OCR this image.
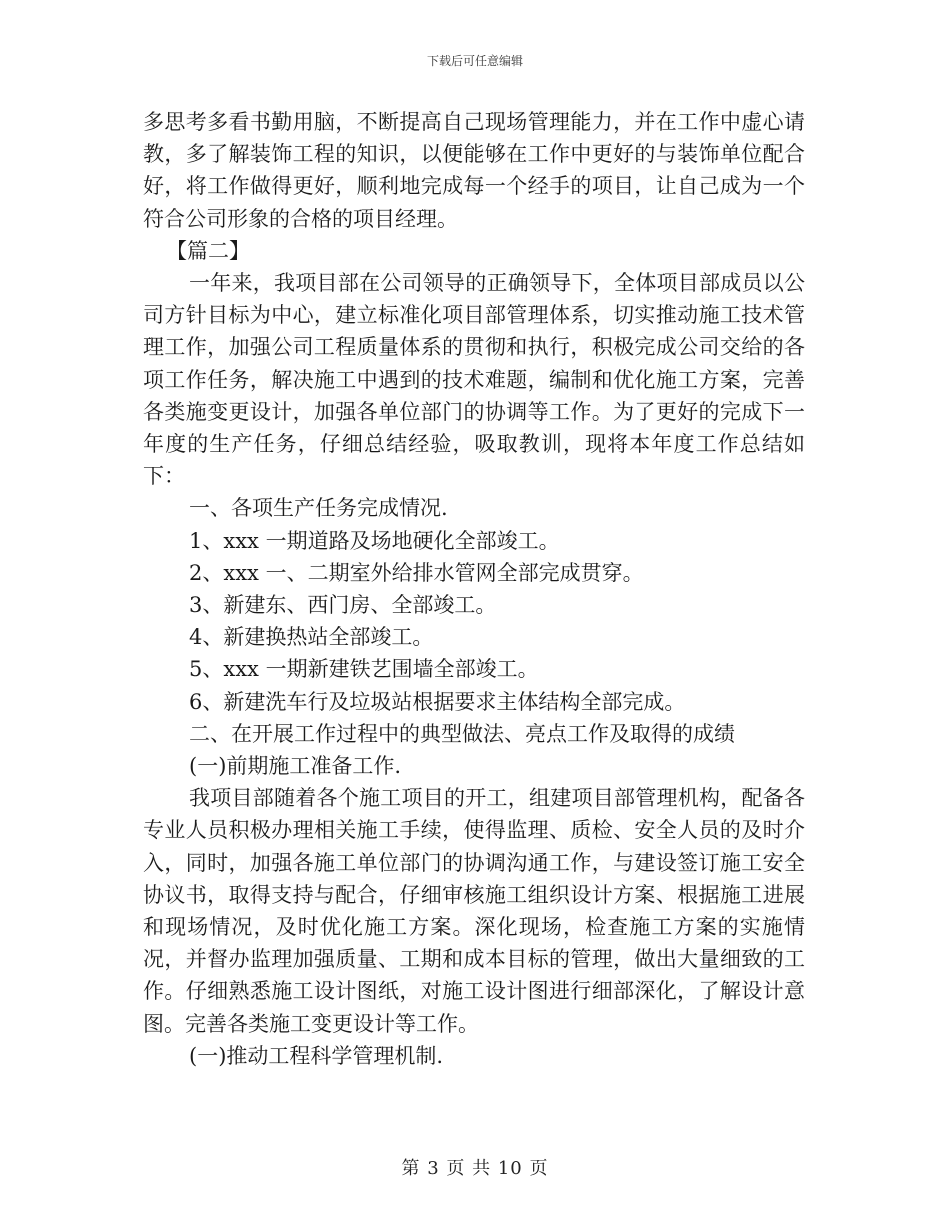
下载后可任意编辑

多思考多看书勤用脑，不断提高自己现场管理能力，并在工作中虚心请教，多了解装饰工程的知识，以便能够在工作中更好的与装饰单位配合好，将工作做得更好，顺利地完成每一个经手的项目，让自己成为一个符合公司形象的合格的项目经理。

【篇二】

一年来，我项目部在公司领导的正确领导下，全体项目部成员以公司方针目标为中心，建立标准化项目部管理体系，切实推动施工技术管理工作，加强公司工程质量体系的贯彻和执行，积极完成公司交给的各项工作任务，解决施工中遇到的技术难题，编制和优化施工方案，完善各类施变更设计，加强各单位部门的协调等工作。为了更好的完成下一年度的生产任务，仔细总结经验，吸取教训，现将本年度工作总结如下：

一、各项生产任务完成情况.

1、xxx 一期道路及场地硬化全部竣工。

2、xxx 一、二期室外给排水管网全部完成贯穿。

3、新建东、西门房、全部竣工。

4、新建换热站全部竣工。

5、xxx 一期新建铁艺围墙全部竣工。

6、新建洗车行及垃圾站根据要求主体结构全部完成。

二、在开展工作过程中的典型做法、亮点工作及取得的成绩

(一)前期施工准备工作.

我项目部随着各个施工项目的开工，组建项目部管理机构，配备各专业人员积极办理相关施工手续，使得监理、质检、安全人员的及时介入，同时，加强各施工单位部门的协调沟通工作，与建设签订施工安全协议书，取得支持与配合，仔细审核施工组织设计方案、根据施工进展和现场情况，及时优化施工方案。深化现场，检查施工方案的实施情况，并督办监理加强质量、工期和成本目标的管理，做出大量细致的工作。仔细熟悉施工设计图纸，对施工设计图进行细部深化，了解设计意图。完善各类施工变更设计等工作。

(一)推动工程科学管理机制.

第 3 页 共 10 页
